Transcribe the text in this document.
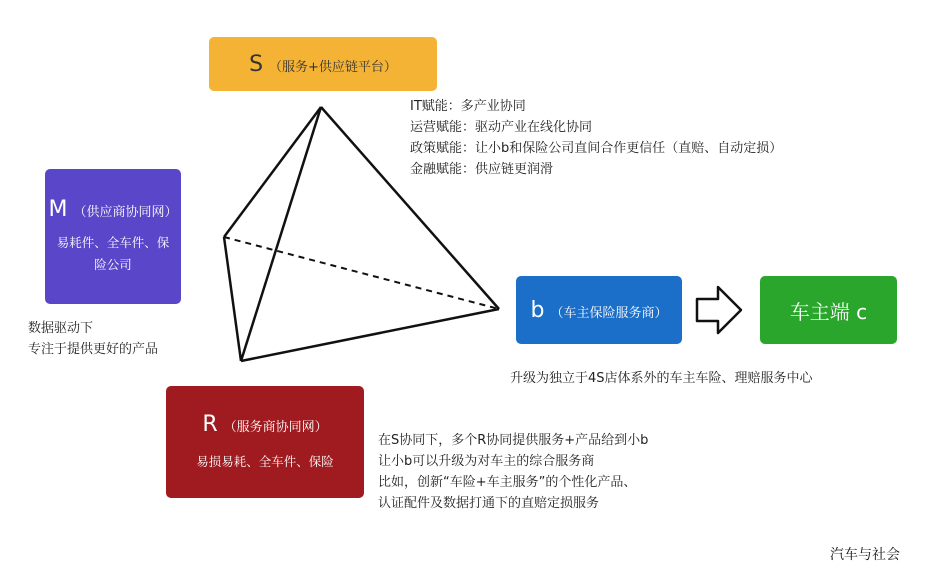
S （服务+供应链平台）
IT赋能：多产业协同
运营赋能：驱动产业在线化协同
政策赋能：让小b和保险公司直间合作更信任（直赔、自动定损）
金融赋能：供应链更润滑
M （供应商协同网）
易耗件、全车件、保险公司
数据驱动下
专注于提供更好的产品
b （车主保险服务商）	车主端 c
升级为独立于4S店体系外的车主车险、理赔服务中心
R （服务商协同网）
易损易耗、全车件、保险
在S协同下，多个R协同提供服务+产品给到小b
让小b可以升级为对车主的综合服务商
比如，创新“车险+车主服务”的个性化产品、
认证配件及数据打通下的直赔定损服务
汽车与社会
